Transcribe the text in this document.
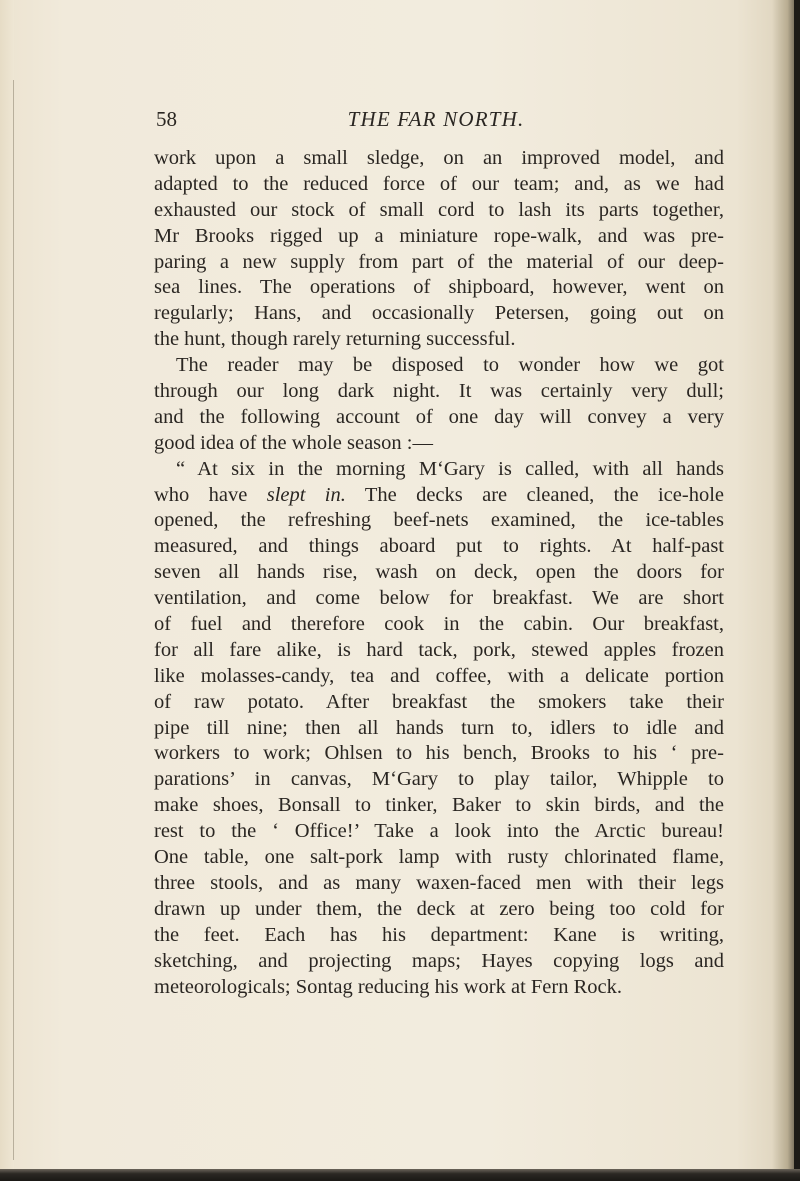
58	THE FAR NORTH.
work upon a small sledge, on an improved model, and
adapted to the reduced force of our team; and, as we had
exhausted our stock of small cord to lash its parts together,
Mr Brooks rigged up a miniature rope-walk, and was pre-
paring a new supply from part of the material of our deep-
sea lines. The operations of shipboard, however, went on
regularly; Hans, and occasionally Petersen, going out on
the hunt, though rarely returning successful.
The reader may be disposed to wonder how we got
through our long dark night. It was certainly very dull;
and the following account of one day will convey a very
good idea of the whole season :—
“ At six in the morning M‘Gary is called, with all hands
who have slept in. The decks are cleaned, the ice-hole
opened, the refreshing beef-nets examined, the ice-tables
measured, and things aboard put to rights. At half-past
seven all hands rise, wash on deck, open the doors for
ventilation, and come below for breakfast. We are short
of fuel and therefore cook in the cabin. Our breakfast,
for all fare alike, is hard tack, pork, stewed apples frozen
like molasses-candy, tea and coffee, with a delicate portion
of raw potato. After breakfast the smokers take their
pipe till nine; then all hands turn to, idlers to idle and
workers to work; Ohlsen to his bench, Brooks to his ‘ pre-
parations’ in canvas, M‘Gary to play tailor, Whipple to
make shoes, Bonsall to tinker, Baker to skin birds, and the
rest to the ‘ Office!’ Take a look into the Arctic bureau!
One table, one salt-pork lamp with rusty chlorinated flame,
three stools, and as many waxen-faced men with their legs
drawn up under them, the deck at zero being too cold for
the feet. Each has his department: Kane is writing,
sketching, and projecting maps; Hayes copying logs and
meteorologicals; Sontag reducing his work at Fern Rock.
